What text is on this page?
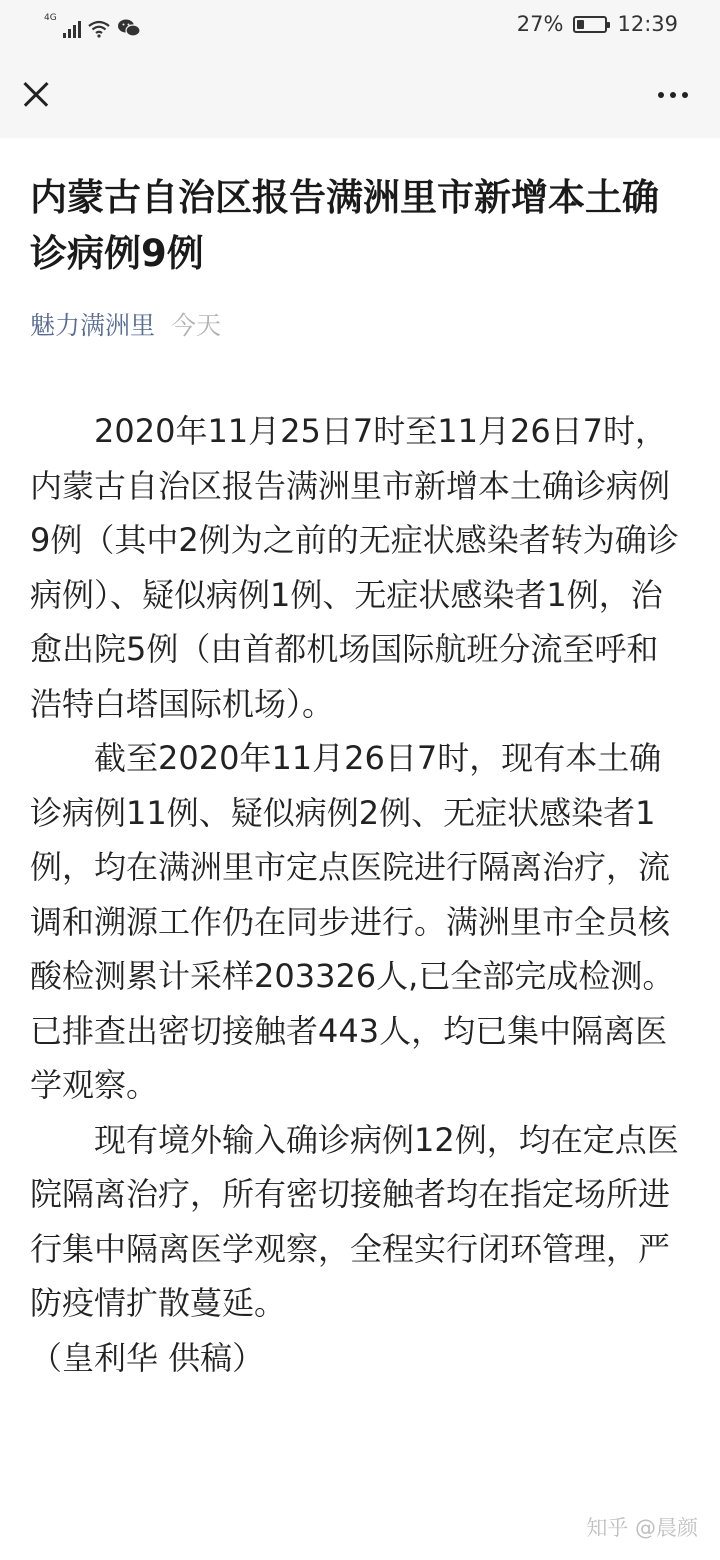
4G	27%	12:39
内蒙古自治区报告满洲里市新增本土确诊病例9例
魅力满洲里 今天

2020年11月25日7时至11月26日7时，内蒙古自治区报告满洲里市新增本土确诊病例9例（其中2例为之前的无症状感染者转为确诊病例）、疑似病例1例、无症状感染者1例，治愈出院5例（由首都机场国际航班分流至呼和浩特白塔国际机场）。

截至2020年11月26日7时，现有本土确诊病例11例、疑似病例2例、无症状感染者1例，均在满洲里市定点医院进行隔离治疗，流调和溯源工作仍在同步进行。满洲里市全员核酸检测累计采样203326人,已全部完成检测。已排查出密切接触者443人，均已集中隔离医学观察。

现有境外输入确诊病例12例，均在定点医院隔离治疗，所有密切接触者均在指定场所进行集中隔离医学观察，全程实行闭环管理，严防疫情扩散蔓延。

（皇利华 供稿）

知乎 @晨颜
